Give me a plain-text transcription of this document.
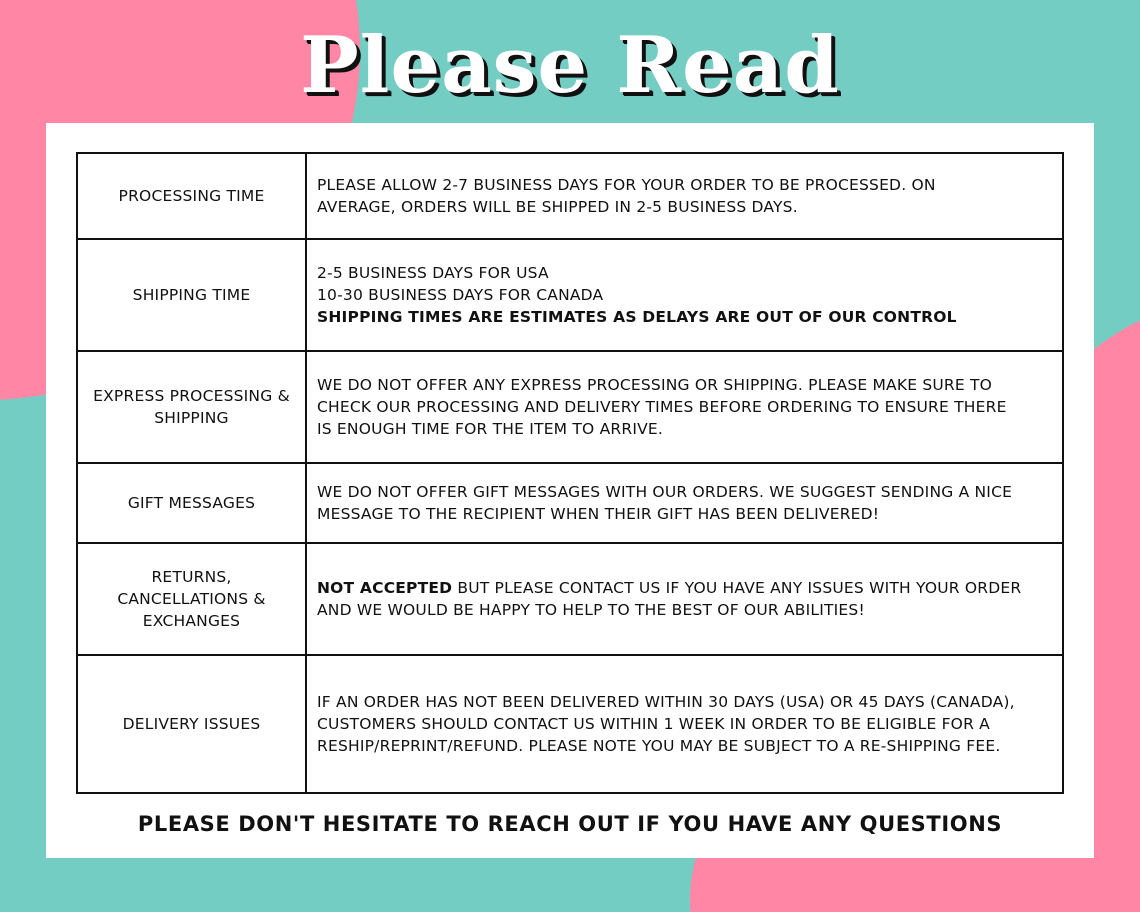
Please Read
PROCESSING TIME	PLEASE ALLOW 2-7 BUSINESS DAYS FOR YOUR ORDER TO BE PROCESSED. ON
AVERAGE, ORDERS WILL BE SHIPPED IN 2-5 BUSINESS DAYS.

SHIPPING TIME	2-5 BUSINESS DAYS FOR USA
10-30 BUSINESS DAYS FOR CANADA
SHIPPING TIMES ARE ESTIMATES AS DELAYS ARE OUT OF OUR CONTROL

EXPRESS PROCESSING & SHIPPING	WE DO NOT OFFER ANY EXPRESS PROCESSING OR SHIPPING. PLEASE MAKE SURE TO
CHECK OUR PROCESSING AND DELIVERY TIMES BEFORE ORDERING TO ENSURE THERE
IS ENOUGH TIME FOR THE ITEM TO ARRIVE.

GIFT MESSAGES	WE DO NOT OFFER GIFT MESSAGES WITH OUR ORDERS. WE SUGGEST SENDING A NICE
MESSAGE TO THE RECIPIENT WHEN THEIR GIFT HAS BEEN DELIVERED!

RETURNS, CANCELLATIONS & EXCHANGES	NOT ACCEPTED BUT PLEASE CONTACT US IF YOU HAVE ANY ISSUES WITH YOUR ORDER
AND WE WOULD BE HAPPY TO HELP TO THE BEST OF OUR ABILITIES!

DELIVERY ISSUES	IF AN ORDER HAS NOT BEEN DELIVERED WITHIN 30 DAYS (USA) OR 45 DAYS (CANADA),
CUSTOMERS SHOULD CONTACT US WITHIN 1 WEEK IN ORDER TO BE ELIGIBLE FOR A
RESHIP/REPRINT/REFUND. PLEASE NOTE YOU MAY BE SUBJECT TO A RE-SHIPPING FEE.
PLEASE DON'T HESITATE TO REACH OUT IF YOU HAVE ANY QUESTIONS
